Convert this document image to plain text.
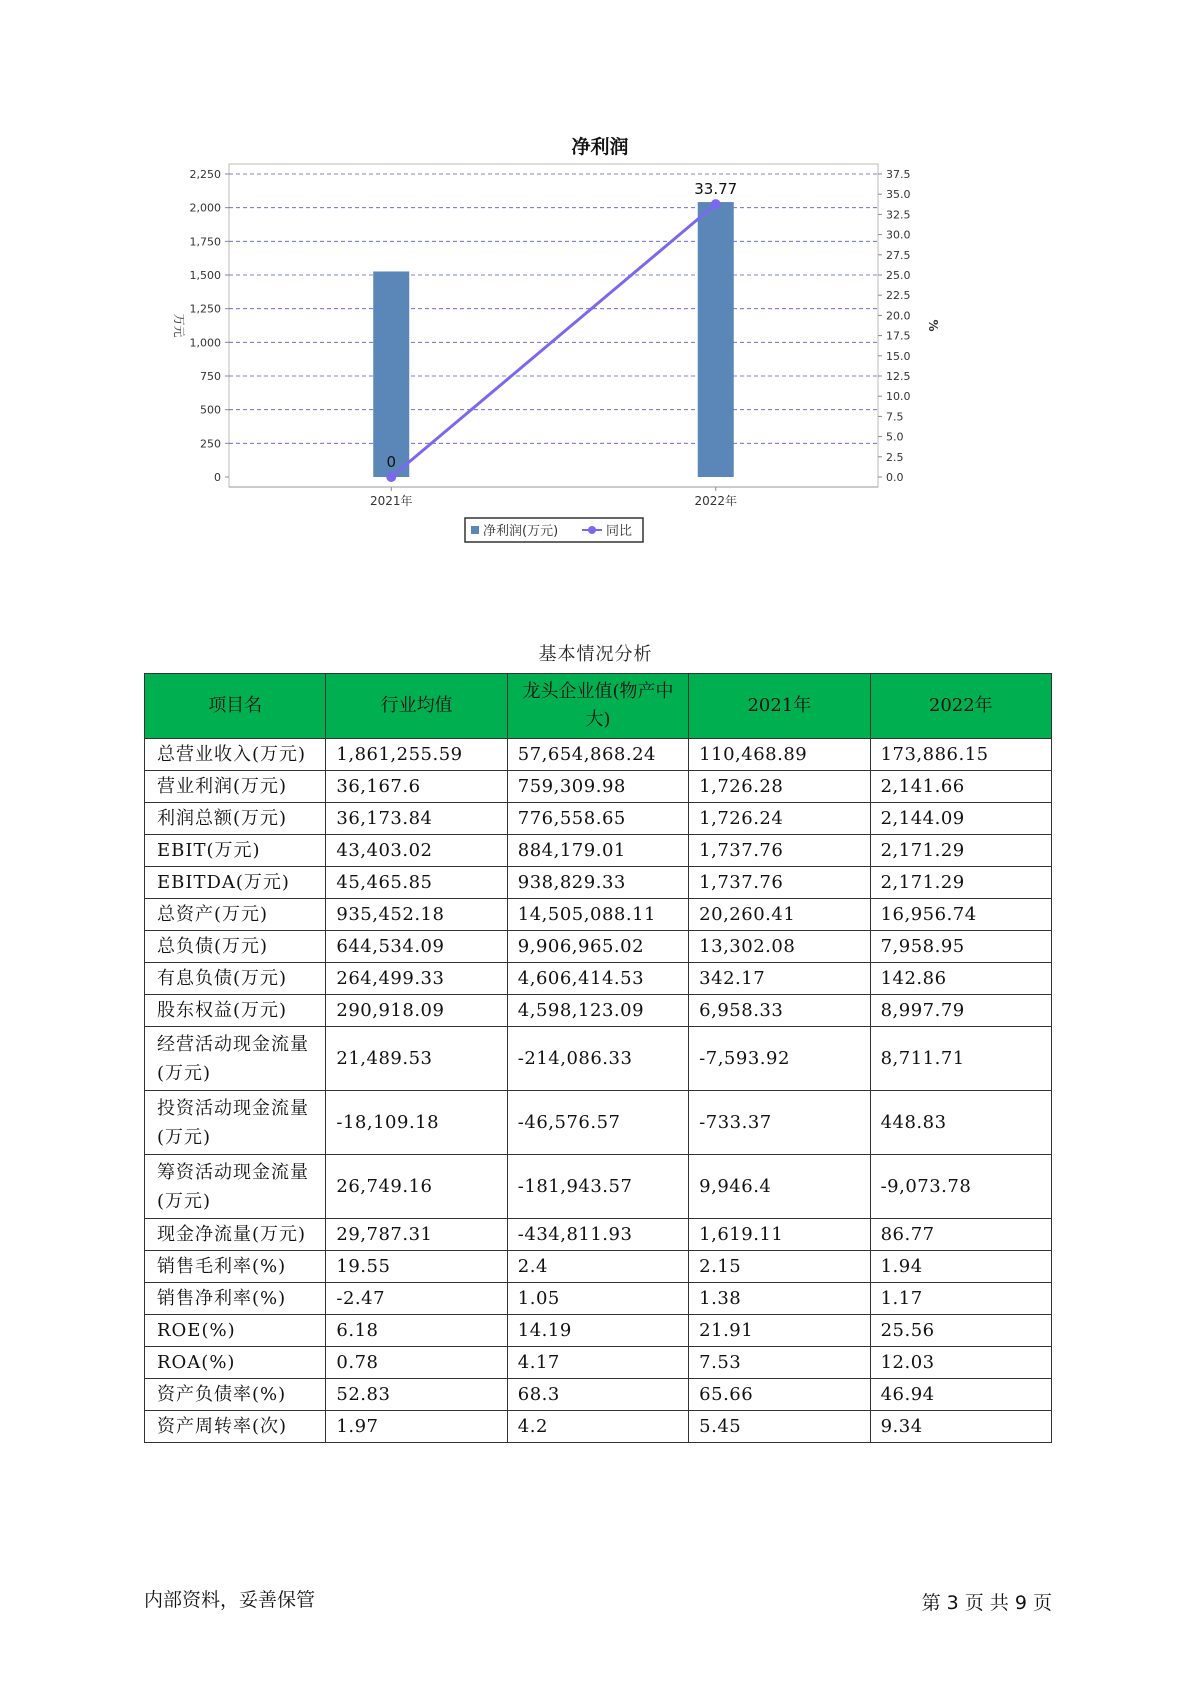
净利润
0
250
500
750
1,000
1,250
1,500
1,750
2,000
2,250
0.0
2.5
5.0
7.5
10.0
12.5
15.0
17.5
20.0
22.5
25.0
27.5
30.0
32.5
35.0
37.5
万元	%
2021年	2022年
0
33.77
净利润(万元)	同比
基本情况分析
项目名	行业均值	龙头企业值(物产中大)	2021年	2022年
总营业收入(万元)	1,861,255.59	57,654,868.24	110,468.89	173,886.15
营业利润(万元)	36,167.6	759,309.98	1,726.28	2,141.66
利润总额(万元)	36,173.84	776,558.65	1,726.24	2,144.09
EBIT(万元)	43,403.02	884,179.01	1,737.76	2,171.29
EBITDA(万元)	45,465.85	938,829.33	1,737.76	2,171.29
总资产(万元)	935,452.18	14,505,088.11	20,260.41	16,956.74
总负债(万元)	644,534.09	9,906,965.02	13,302.08	7,958.95
有息负债(万元)	264,499.33	4,606,414.53	342.17	142.86
股东权益(万元)	290,918.09	4,598,123.09	6,958.33	8,997.79
经营活动现金流量(万元)	21,489.53	-214,086.33	-7,593.92	8,711.71
投资活动现金流量(万元)	-18,109.18	-46,576.57	-733.37	448.83
筹资活动现金流量(万元)	26,749.16	-181,943.57	9,946.4	-9,073.78
现金净流量(万元)	29,787.31	-434,811.93	1,619.11	86.77
销售毛利率(%)	19.55	2.4	2.15	1.94
销售净利率(%)	-2.47	1.05	1.38	1.17
ROE(%)	6.18	14.19	21.91	25.56
ROA(%)	0.78	4.17	7.53	12.03
资产负债率(%)	52.83	68.3	65.66	46.94
资产周转率(次)	1.97	4.2	5.45	9.34
内部资料，妥善保管	第 3 页 共 9 页
